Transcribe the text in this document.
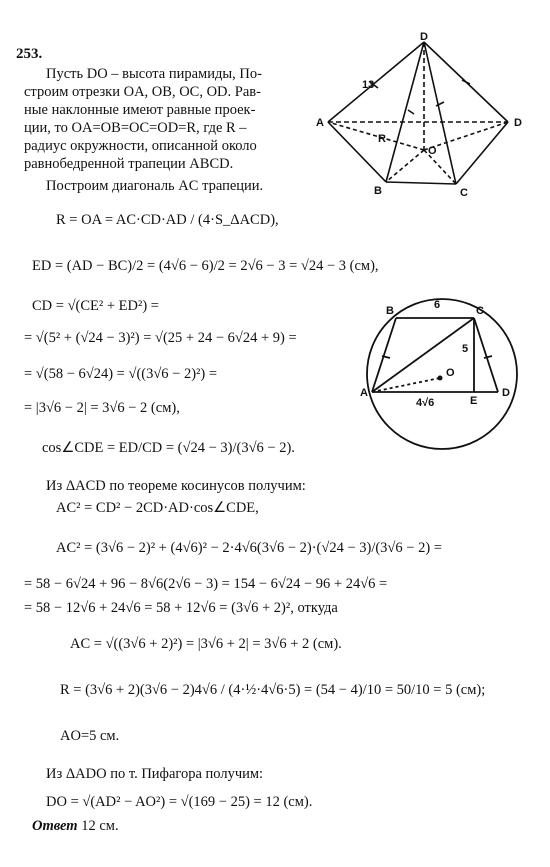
253.
Пусть DO – высота пирамиды, По-
строим отрезки OA, OB, OC, OD. Рав-
ные наклонные имеют равные проек-
ции, то OA=OB=OC=OD=R, где R –
радиус окружности, описанной около
равнобедренной трапеции ABCD.
Построим диагональ AC трапеции.
R = OA = AC·CD·AD / (4·S_ΔACD),
ED = (AD − BC)/2 = (4√6 − 6)/2 = 2√6 − 3 = √24 − 3 (см),
CD = √(CE² + ED²) =
= √(5² + (√24 − 3)²) = √(25 + 24 − 6√24 + 9) =
= √(58 − 6√24) = √((3√6 − 2)²) =
= |3√6 − 2| = 3√6 − 2 (см),
cos∠CDE = ED/CD = (√24 − 3)/(3√6 − 2).
Из ΔACD по теореме косинусов получим:
AC² = CD² − 2CD·AD·cos∠CDE,
AC² = (3√6 − 2)² + (4√6)² − 2·4√6(3√6 − 2)·(√24 − 3)/(3√6 − 2) =
= 58 − 6√24 + 96 − 8√6(2√6 − 3) = 154 − 6√24 − 96 + 24√6 =
= 58 − 12√6 + 24√6 = 58 + 12√6 = (3√6 + 2)², откуда
AC = √((3√6 + 2)²) = |3√6 + 2| = 3√6 + 2 (см).
R = (3√6 + 2)(3√6 − 2)4√6 / (4·½·4√6·5) = (54 − 4)/10 = 50/10 = 5 (см);
AO=5 см.
Из ΔADO по т. Пифагора получим:
DO = √(AD² − AO²) = √(169 − 25) = 12 (см).
Ответ 12 см.
D
13
A
B	C
D
R
O
A
B	C
D
E
O
6
5
4√6
